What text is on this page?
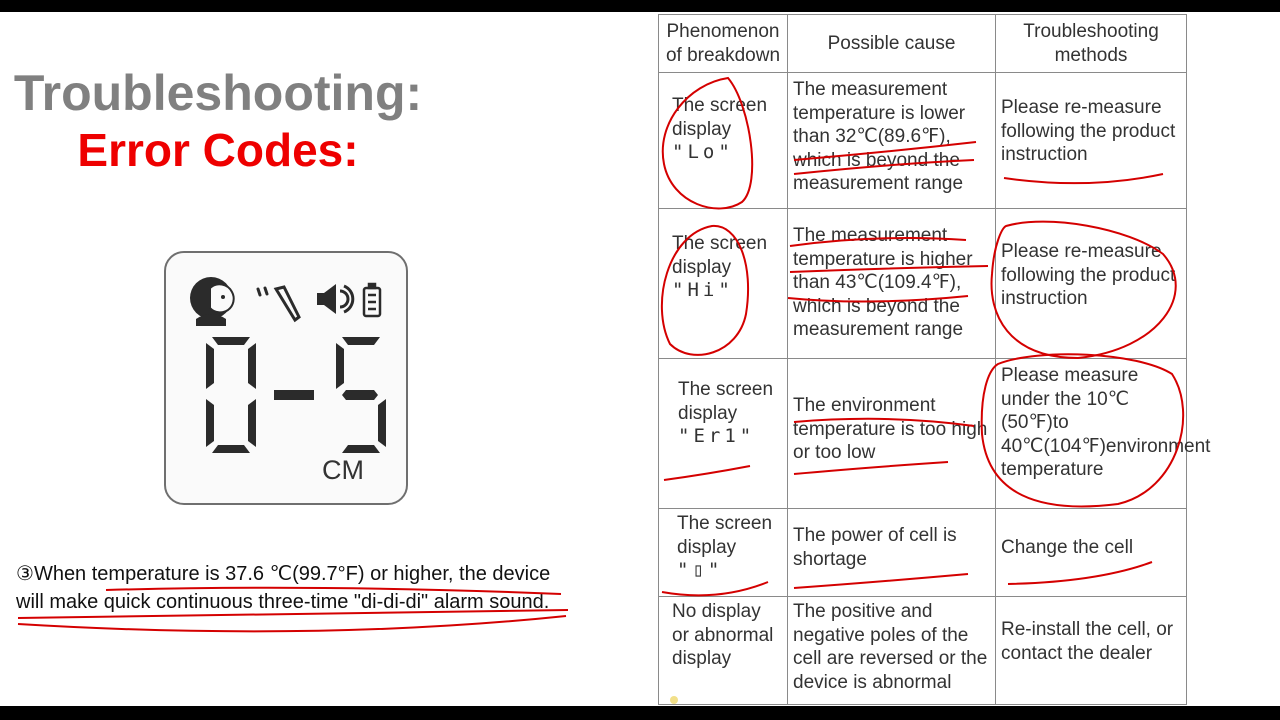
Troubleshooting:
Error Codes:
CM
③When temperature is 37.6 ℃(99.7°F) or higher, the device will make quick continuous three-time "di-di-di" alarm sound.
Phenomenon of breakdown	Possible cause	Troubleshooting methods

The screen display
"Lo"	The measurement temperature is lower than 32℃(89.6℉), which is beyond the measurement range	Please re-measure following the product instruction

The screen display
"Hi"	The measurement temperature is higher than 43℃(109.4℉), which is beyond the measurement range	Please re-measure following the product instruction

The screen display
"Er1"	The environment temperature is too high or too low	Please measure under the 10℃ (50℉)to 40℃(104℉)environment temperature

The screen display
"▯"	The power of cell is shortage	Change the cell

No display or abnormal display	The positive and negative poles of the cell are reversed or the device is abnormal	Re-install the cell, or contact the dealer
